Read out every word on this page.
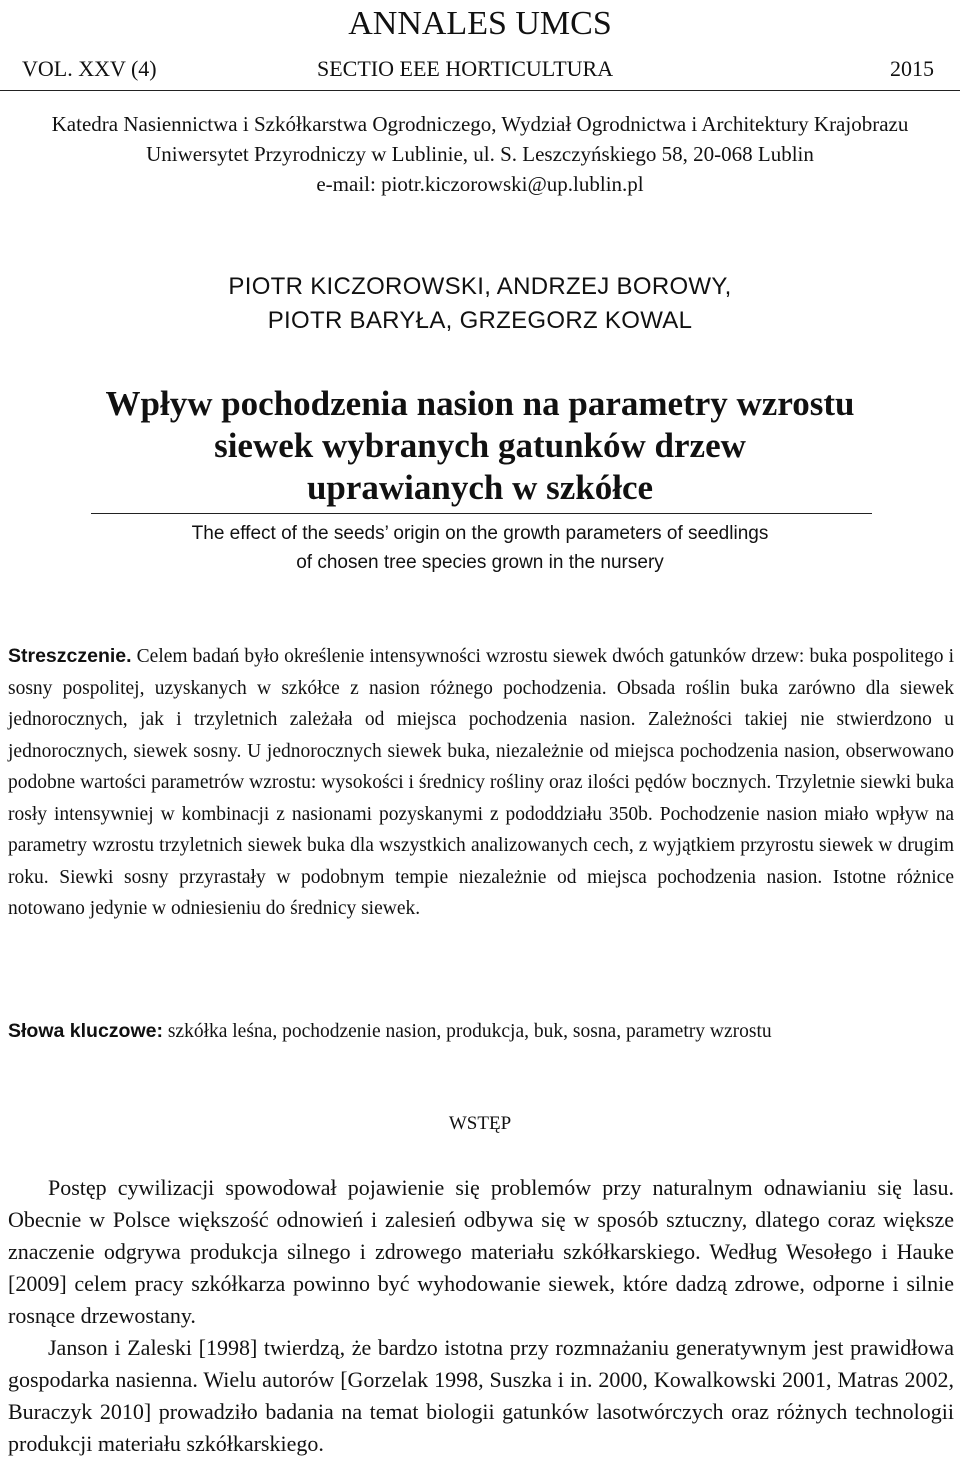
ANNALES UMCS
VOL. XXV (4)	SECTIO EEE HORTICULTURA	2015
Katedra Nasiennictwa i Szkółkarstwa Ogrodniczego, Wydział Ogrodnictwa i Architektury Krajobrazu
Uniwersytet Przyrodniczy w Lublinie, ul. S. Leszczyńskiego 58, 20-068 Lublin
e-mail: piotr.kiczorowski@up.lublin.pl
PIOTR KICZOROWSKI, ANDRZEJ BOROWY,
PIOTR BARYŁA, GRZEGORZ KOWAL
Wpływ pochodzenia nasion na parametry wzrostu
siewek wybranych gatunków drzew
uprawianych w szkółce
The effect of the seeds’ origin on the growth parameters of seedlings
of chosen tree species grown in the nursery
Streszczenie. Celem badań było określenie intensywności wzrostu siewek dwóch gatunków drzew: buka pospolitego i sosny pospolitej, uzyskanych w szkółce z nasion różnego pochodzenia. Obsada roślin buka zarówno dla siewek jednorocznych, jak i trzyletnich zależała od miejsca pochodzenia nasion. Zależności takiej nie stwierdzono u jednorocznych, siewek sosny. U jednorocznych siewek buka, niezależnie od miejsca pochodzenia nasion, obserwowano podobne wartości parametrów wzrostu: wysokości i średnicy rośliny oraz ilości pędów bocznych. Trzyletnie siewki buka rosły intensywniej w kombinacji z nasionami pozyskanymi z pododdziału 350b. Pochodzenie nasion miało wpływ na parametry wzrostu trzyletnich siewek buka dla wszystkich analizowanych cech, z wyjątkiem przyrostu siewek w drugim roku. Siewki sosny przyrastały w podobnym tempie niezależnie od miejsca pochodzenia nasion. Istotne różnice notowano jedynie w odniesieniu do średnicy siewek.
Słowa kluczowe: szkółka leśna, pochodzenie nasion, produkcja, buk, sosna, parametry wzrostu
WSTĘP

Postęp cywilizacji spowodował pojawienie się problemów przy naturalnym odnawianiu się lasu. Obecnie w Polsce większość odnowień i zalesień odbywa się w sposób sztuczny, dlatego coraz większe znaczenie odgrywa produkcja silnego i zdrowego materiału szkółkarskiego. Według Wesołego i Hauke [2009] celem pracy szkółkarza powinno być wyhodowanie siewek, które dadzą zdrowe, odporne i silnie rosnące drzewostany.

Janson i Zaleski [1998] twierdzą, że bardzo istotna przy rozmnażaniu generatywnym jest prawidłowa gospodarka nasienna. Wielu autorów [Gorzelak 1998, Suszka i in. 2000, Kowalkowski 2001, Matras 2002, Buraczyk 2010] prowadziło badania na temat biologii gatunków lasotwórczych oraz różnych technologii produkcji materiału szkółkarskiego.
